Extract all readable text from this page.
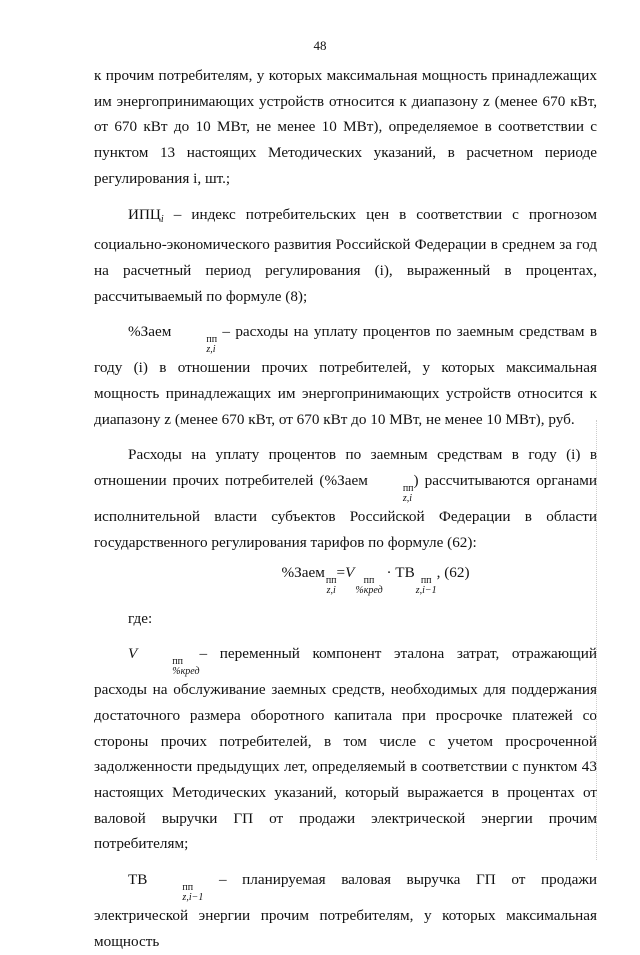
48

к прочим потребителям, у которых максимальная мощность принадлежащих им энергопринимающих устройств относится к диапазону z (менее 670 кВт, от 670 кВт до 10 МВт, не менее 10 МВт), определяемое в соответствии с пунктом 13 настоящих Методических указаний, в расчетном периоде регулирования i, шт.;

$ИПЦ_i$ – индекс потребительских цен в соответствии с прогнозом социально-экономического развития Российской Федерации в среднем за год на расчетный период регулирования (i), выраженный в процентах, рассчитываемый по формуле (8);

%Заем	пп
z,i
– расходы на уплату процентов по заемным средствам в году (i) в отношении прочих потребителей, у которых максимальная мощность принадлежащих им энергопринимающих устройств относится к диапазону z (менее 670 кВт, от 670 кВт до 10 МВт, не менее 10 МВт), руб.

Расходы на уплату процентов по заемным средствам в году (i) в отношении прочих потребителей (%Заем	пп
z,i
) рассчитываются органами исполнительной власти субъектов Российской Федерации в области государственного регулирования тарифов по формуле (62):

%Заем пп
z,i
=V пп
%кред
· ТВ пп
z,i−1
, (62)

где:

V	пп
%кред
– переменный компонент эталона затрат, отражающий расходы на обслуживание заемных средств, необходимых для поддержания достаточного размера оборотного капитала при просрочке платежей со стороны прочих потребителей, в том числе с учетом просроченной задолженности предыдущих лет, определяемый в соответствии с пунктом 43 настоящих Методических указаний, который выражается в процентах от валовой выручки ГП от продажи электрической энергии прочим потребителям;

ТВ	пп
z,i−1
– планируемая валовая выручка ГП от продажи электрической энергии прочим потребителям, у которых максимальная мощность
